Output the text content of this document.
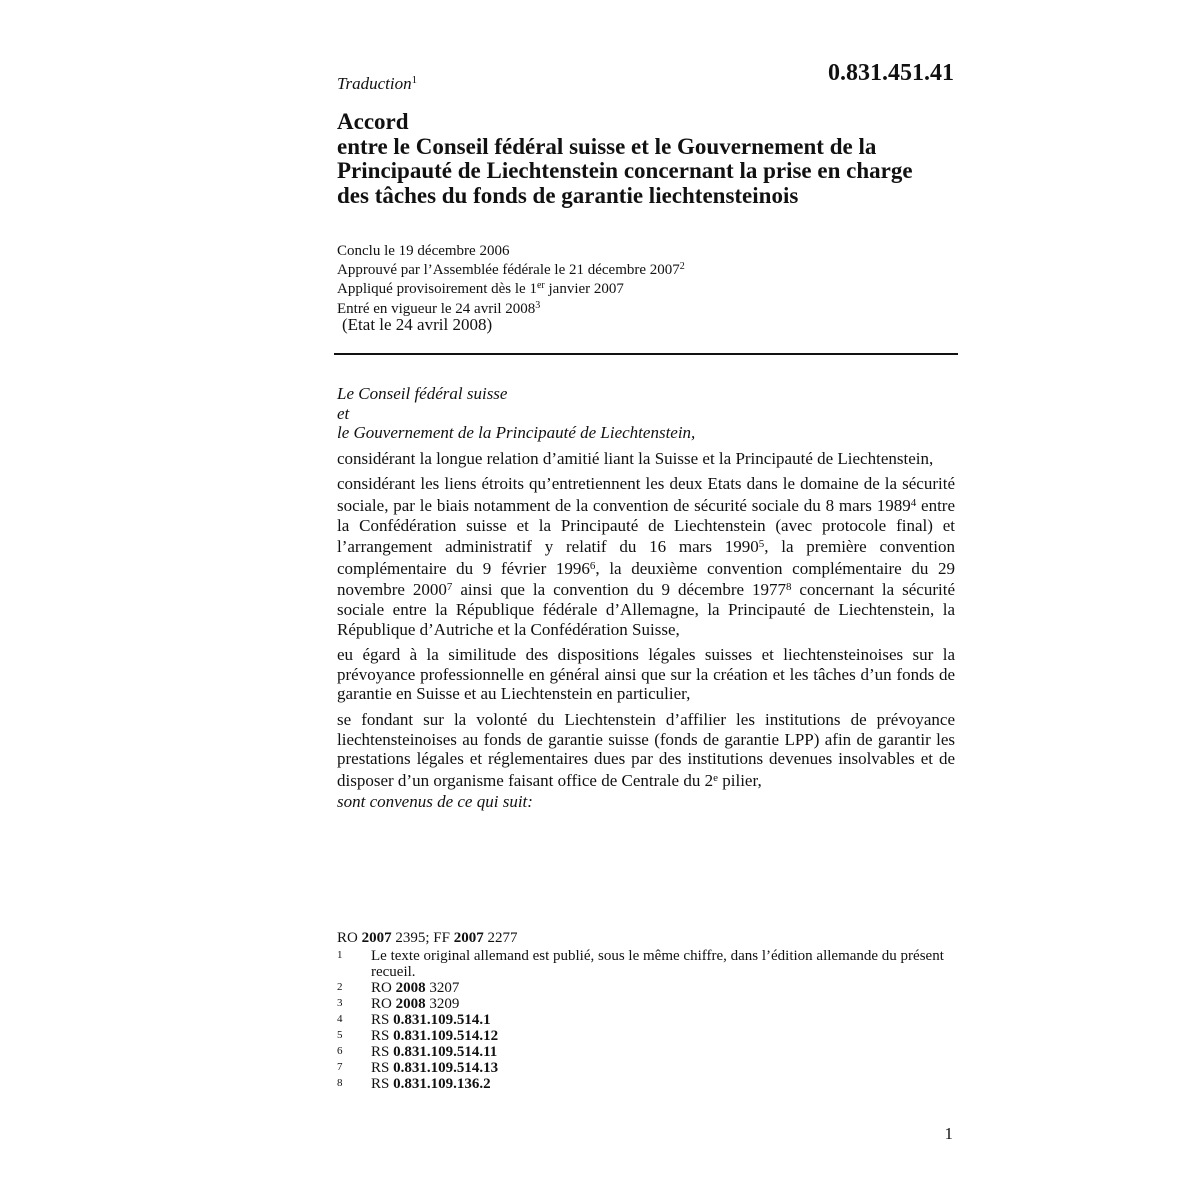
Traduction$^1$	0.831.451.41
Accord
entre le Conseil fédéral suisse et le Gouvernement de la
Principauté de Liechtenstein concernant la prise en charge
des tâches du fonds de garantie liechtensteinois
Conclu le 19 décembre 2006
Approuvé par l’Assemblée fédérale le 21 décembre 2007$^2$
Appliqué provisoirement dès le 1er janvier 2007
Entré en vigueur le 24 avril 2008$^3$
(Etat le 24 avril 2008)

Le Conseil fédéral suisse

et

le Gouvernement de la Principauté de Liechtenstein,

considérant la longue relation d’amitié liant la Suisse et la Principauté de Liechtenstein,

considérant les liens étroits qu’entretiennent les deux Etats dans le domaine de la sécurité sociale, par le biais notamment de la convention de sécurité sociale du 8 mars 1989$^4$ entre la Confédération suisse et la Principauté de Liechtenstein (avec protocole final) et l’arrangement administratif y relatif du 16 mars 1990$^5$, la première convention complémentaire du 9 février 1996$^6$, la deuxième convention complémentaire du 29 novembre 2000$^7$ ainsi que la convention du 9 décembre 1977$^8$ concernant la sécurité sociale entre la République fédérale d’Allemagne, la Principauté de Liechtenstein, la République d’Autriche et la Confédération Suisse,

eu égard à la similitude des dispositions légales suisses et liechtensteinoises sur la prévoyance professionnelle en général ainsi que sur la création et les tâches d’un fonds de garantie en Suisse et au Liechtenstein en particulier,

se fondant sur la volonté du Liechtenstein d’affilier les institutions de prévoyance liechtensteinoises au fonds de garantie suisse (fonds de garantie LPP) afin de garantir les prestations légales et réglementaires dues par des institutions devenues insolvables et de disposer d’un organisme faisant office de Centrale du 2e pilier,

sont convenus de ce qui suit:

RO 2007 2395; FF 2007 2277
1	Le texte original allemand est publié, sous le même chiffre, dans l’édition allemande du présent recueil.
2	RO 2008 3207
3	RO 2008 3209
4	RS 0.831.109.514.1
5	RS 0.831.109.514.12
6	RS 0.831.109.514.11
7	RS 0.831.109.514.13
8	RS 0.831.109.136.2
1
